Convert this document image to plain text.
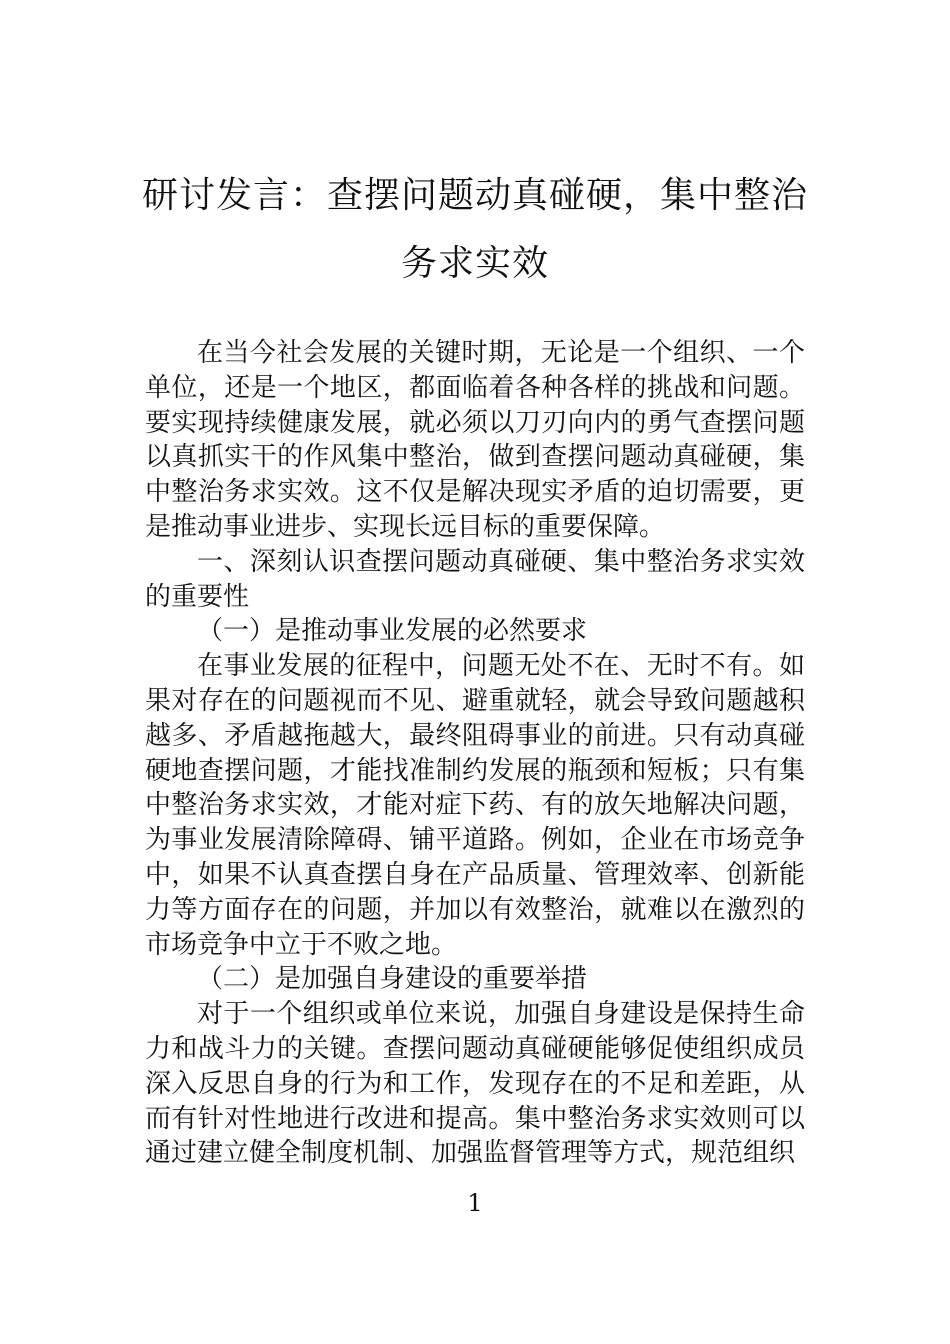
研讨发言：查摆问题动真碰硬，集中整治
务求实效

在当今社会发展的关键时期，无论是一个组织、一个单位，还是一个地区，都面临着各种各样的挑战和问题。要实现持续健康发展，就必须以刀刃向内的勇气查摆问题以真抓实干的作风集中整治，做到查摆问题动真碰硬，集中整治务求实效。这不仅是解决现实矛盾的迫切需要，更是推动事业进步、实现长远目标的重要保障。

一、深刻认识查摆问题动真碰硬、集中整治务求实效的重要性

（一）是推动事业发展的必然要求

在事业发展的征程中，问题无处不在、无时不有。如果对存在的问题视而不见、避重就轻，就会导致问题越积越多、矛盾越拖越大，最终阻碍事业的前进。只有动真碰硬地查摆问题，才能找准制约发展的瓶颈和短板；只有集中整治务求实效，才能对症下药、有的放矢地解决问题，为事业发展清除障碍、铺平道路。例如，企业在市场竞争中，如果不认真查摆自身在产品质量、管理效率、创新能力等方面存在的问题，并加以有效整治，就难以在激烈的市场竞争中立于不败之地。

（二）是加强自身建设的重要举措

对于一个组织或单位来说，加强自身建设是保持生命力和战斗力的关键。查摆问题动真碰硬能够促使组织成员深入反思自身的行为和工作，发现存在的不足和差距，从而有针对性地进行改进和提高。集中整治务求实效则可以通过建立健全制度机制、加强监督管理等方式，规范组织

1
